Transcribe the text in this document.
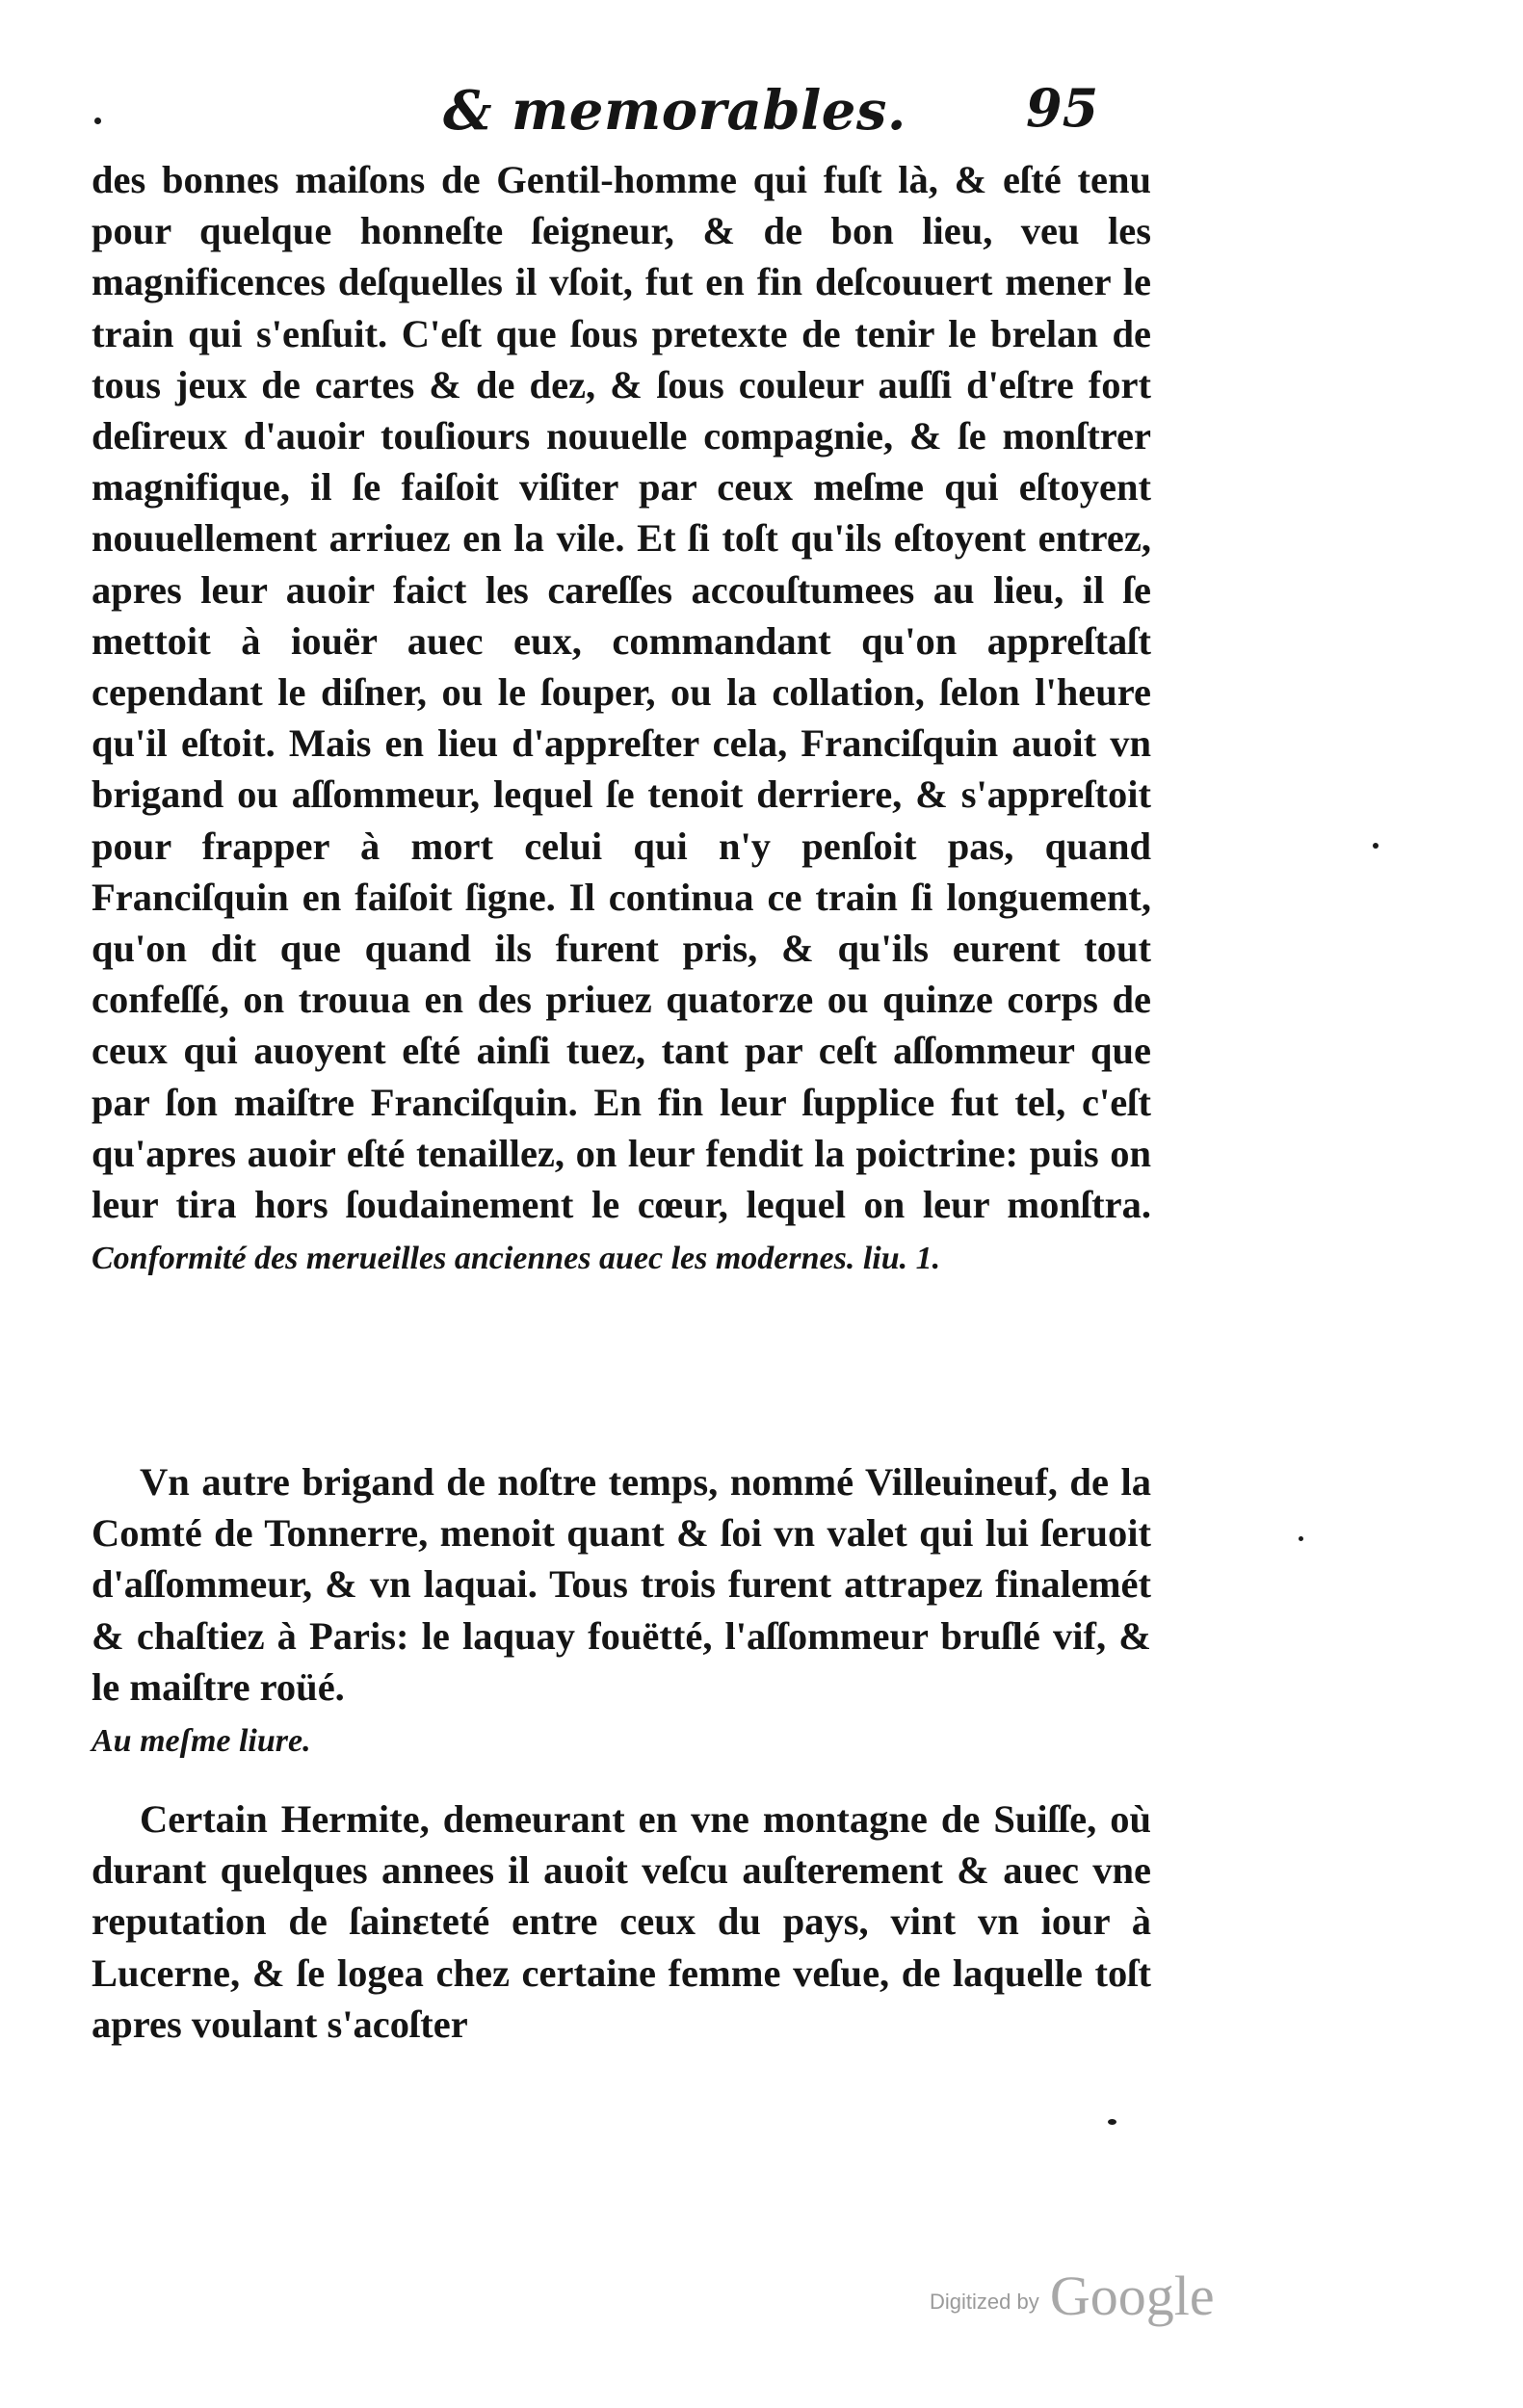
& memorables. 95

des bonnes maiſons de Gentil-homme qui fuſt là, & eſté tenu pour quelque honneſte ſeigneur, & de bon lieu, veu les magnificences deſquelles il vſoit, fut en fin deſcouuert mener le train qui s'enſuit. C'eſt que ſous pretexte de tenir le brelan de tous jeux de cartes & de dez, & ſous couleur auſſi d'eſtre fort deſireux d'auoir touſiours nouuelle compagnie, & ſe monſtrer magnifique, il ſe faiſoit viſiter par ceux meſme qui eſtoyent nouuellement arriuez en la vile. Et ſi toſt qu'ils eſtoyent entrez, apres leur auoir faict les careſſes accouſtumees au lieu, il ſe mettoit à iouër auec eux, commandant qu'on appreſtaſt cependant le diſner, ou le ſouper, ou la collation, ſelon l'heure qu'il eſtoit. Mais en lieu d'appreſter cela, Franciſquin auoit vn brigand ou aſſommeur, lequel ſe tenoit derriere, & s'appreſtoit pour frapper à mort celui qui n'y penſoit pas, quand Franciſquin en faiſoit ſigne. Il continua ce train ſi longuement, qu'on dit que quand ils furent pris, & qu'ils eurent tout confeſſé, on trouua en des priuez quatorze ou quinze corps de ceux qui auoyent eſté ainſi tuez, tant par ceſt aſſommeur que par ſon maiſtre Franciſquin. En fin leur ſupplice fut tel, c'eſt qu'apres auoir eſté tenaillez, on leur fendit la poictrine: puis on leur tira hors ſoudainement le cœur, lequel on leur monſtra. Conformité des merueilles anciennes auec les modernes. liu. 1.

Vn autre brigand de noſtre temps, nommé Villeuineuf, de la Comté de Tonnerre, menoit quant & ſoi vn valet qui lui ſeruoit d'aſſommeur, & vn laquai. Tous trois furent attrapez finalemét & chaſtiez à Paris: le laquay fouëtté, l'aſſommeur bruſlé vif, & le maiſtre roüé.

Au meſme liure.

Certain Hermite, demeurant en vne montagne de Suiſſe, où durant quelques annees il auoit veſcu auſterement & auec vne reputation de ſainɛteté entre ceux du pays, vint vn iour à Lucerne, & ſe logea chez certaine femme veſue, de laquelle toſt apres voulant s'acoſter

Digitized by Google
